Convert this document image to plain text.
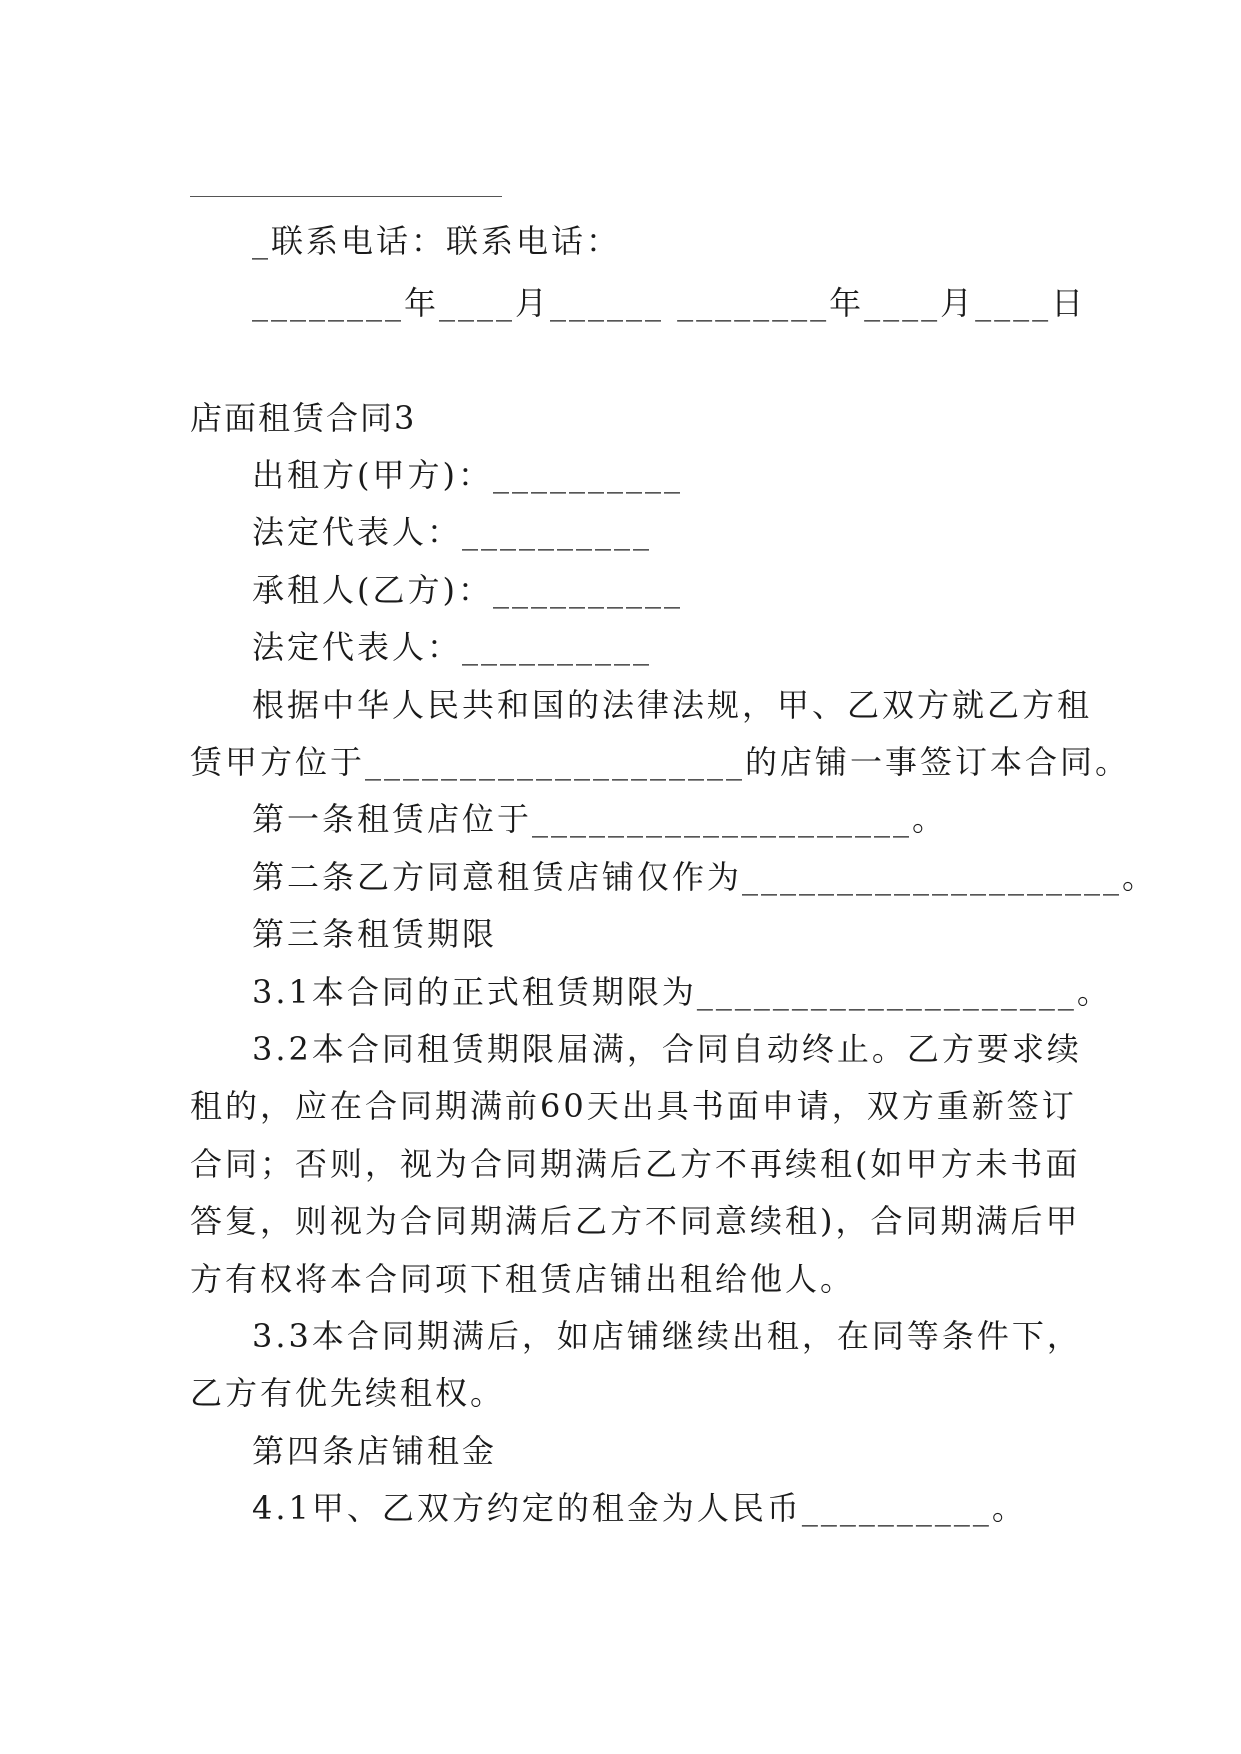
_联系电话：联系电话：
________年____月______ ________年____月____日
店面租赁合同3
出租方(甲方)：__________
法定代表人：__________
承租人(乙方)：__________
法定代表人：__________
根据中华人民共和国的法律法规，甲、乙双方就乙方租
赁甲方位于____________________的店铺一事签订本合同。
第一条租赁店位于____________________。
第二条乙方同意租赁店铺仅作为____________________。
第三条租赁期限
3.1本合同的正式租赁期限为____________________。
3.2本合同租赁期限届满，合同自动终止。乙方要求续
租的，应在合同期满前60天出具书面申请，双方重新签订
合同；否则，视为合同期满后乙方不再续租(如甲方未书面
答复，则视为合同期满后乙方不同意续租)，合同期满后甲
方有权将本合同项下租赁店铺出租给他人。
3.3本合同期满后，如店铺继续出租，在同等条件下，
乙方有优先续租权。
第四条店铺租金
4.1甲、乙双方约定的租金为人民币__________。
